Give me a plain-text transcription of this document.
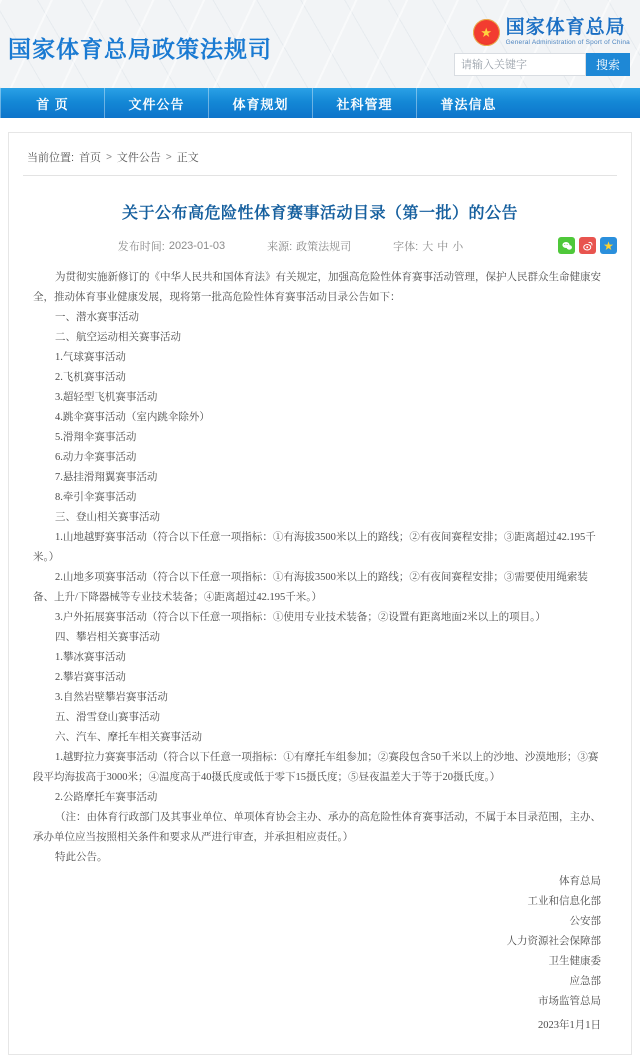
国家体育总局政策法规司
★ 国家体育总局
General Administration of Sport of China
请输入关键字
搜索
首 页	文件公告	体育规划	社科管理	普法信息
当前位置: 首页 > 文件公告 > 正文
关于公布高危险性体育赛事活动目录（第一批）的公告
发布时间: 2023-01-03	来源: 政策法规司	字体: 大 中 小	★

为贯彻实施新修订的《中华人民共和国体育法》有关规定，加强高危险性体育赛事活动管理，保护人民群众生命健康安全，推动体育事业健康发展，现将第一批高危险性体育赛事活动目录公告如下：

一、潜水赛事活动

二、航空运动相关赛事活动

1.气球赛事活动

2.飞机赛事活动

3.超轻型飞机赛事活动

4.跳伞赛事活动（室内跳伞除外）

5.滑翔伞赛事活动

6.动力伞赛事活动

7.悬挂滑翔翼赛事活动

8.牵引伞赛事活动

三、登山相关赛事活动

1.山地越野赛事活动（符合以下任意一项指标：①有海拔3500米以上的路线；②有夜间赛程安排；③距离超过42.195千米。）

2.山地多项赛事活动（符合以下任意一项指标：①有海拔3500米以上的路线；②有夜间赛程安排；③需要使用绳索装备、上升/下降器械等专业技术装备；④距离超过42.195千米。）

3.户外拓展赛事活动（符合以下任意一项指标：①使用专业技术装备；②设置有距离地面2米以上的项目。）

四、攀岩相关赛事活动

1.攀冰赛事活动

2.攀岩赛事活动

3.自然岩壁攀岩赛事活动

五、滑雪登山赛事活动

六、汽车、摩托车相关赛事活动

1.越野拉力赛赛事活动（符合以下任意一项指标：①有摩托车组参加；②赛段包含50千米以上的沙地、沙漠地形；③赛段平均海拔高于3000米；④温度高于40摄氏度或低于零下15摄氏度；⑤昼夜温差大于等于20摄氏度。）

2.公路摩托车赛事活动

（注：由体育行政部门及其事业单位、单项体育协会主办、承办的高危险性体育赛事活动，不属于本目录范围，主办、承办单位应当按照相关条件和要求从严进行审查，并承担相应责任。）

特此公告。

体育总局
工业和信息化部
公安部
人力资源社会保障部
卫生健康委
应急部
市场监管总局
2023年1月1日
